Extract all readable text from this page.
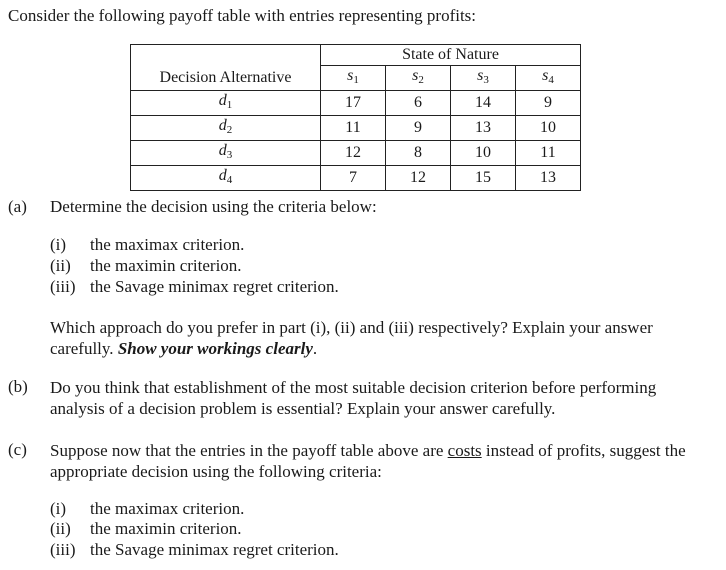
Consider the following payoff table with entries representing profits:
	State of Nature			
Decision Alternative	$s_1$	$s_2$	$s_3$	$s_4$
$d_1$	17	6	14	9
$d_2$	11	9	13	10
$d_3$	12	8	10	11
$d_4$	7	12	15	13
(a) Determine the decision using the criteria below:
(i) the maximax criterion.
(ii) the maximin criterion.
(iii) the Savage minimax regret criterion.
Which approach do you prefer in part (i), (ii) and (iii) respectively? Explain your answer
carefully. Show your workings clearly.
(b) Do you think that establishment of the most suitable decision criterion before performing
analysis of a decision problem is essential? Explain your answer carefully.
(c) Suppose now that the entries in the payoff table above are costs instead of profits, suggest the
appropriate decision using the following criteria:
(i) the maximax criterion.
(ii) the maximin criterion.
(iii) the Savage minimax regret criterion.
